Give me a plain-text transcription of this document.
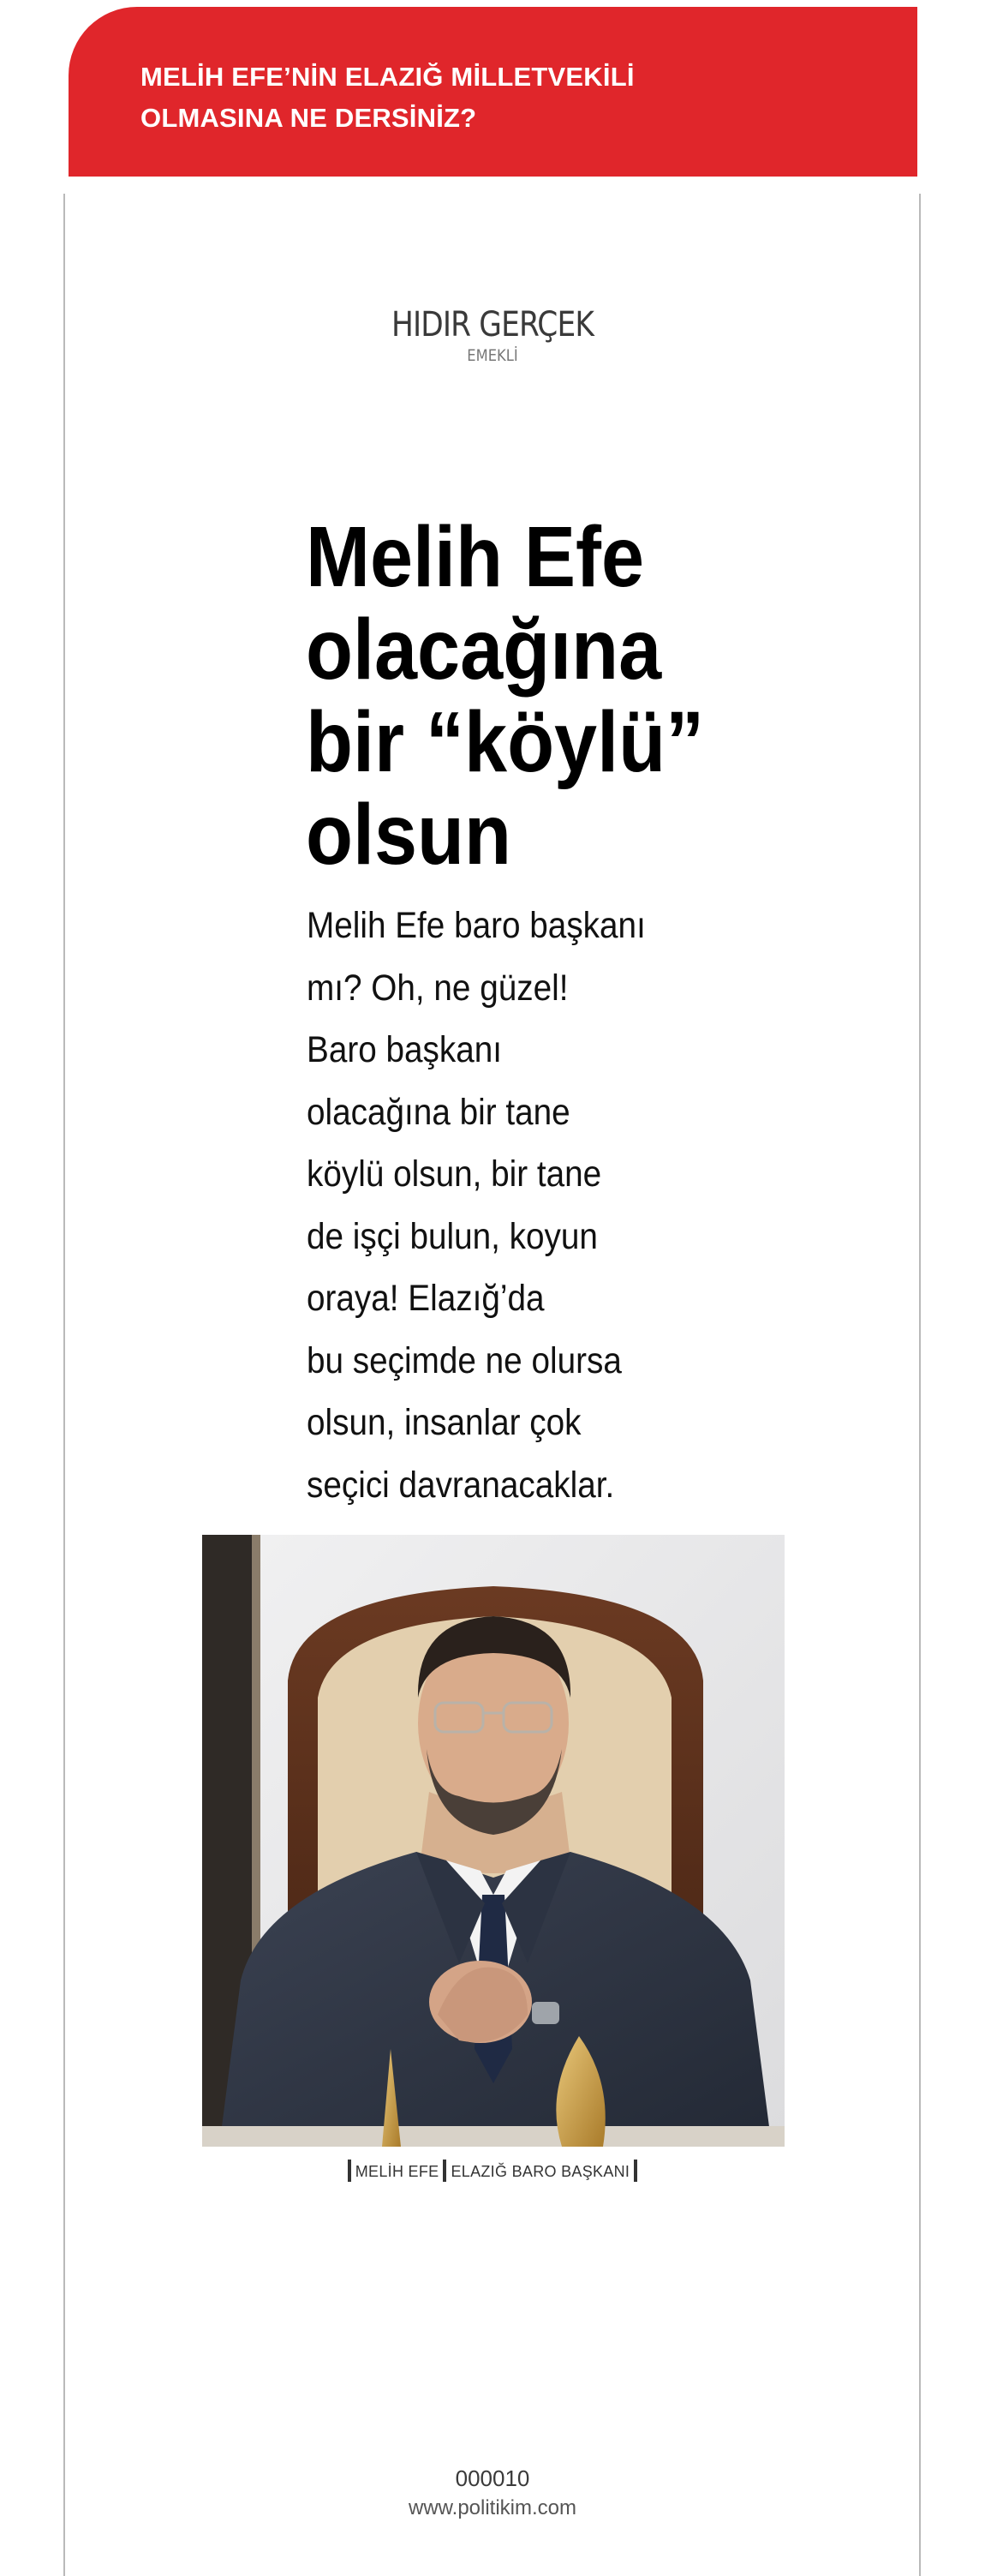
MELİH EFE’NİN ELAZIĞ MİLLETVEKİLİ
OLMASINA NE DERSİNİZ?
HIDIR GERÇEK
EMEKLİ
Melih Efe
olacağına
bir “köylü”
olsun

Melih Efe baro başkanı
mı? Oh, ne güzel!
Baro başkanı
olacağına bir tane
köylü olsun, bir tane
de işçi bulun, koyun
oraya! Elazığ’da
bu seçimde ne olursa
olsun, insanlar çok
seçici davranacaklar.

MELİH EFE ELAZIĞ BARO BAŞKANI
000010
www.politikim.com
